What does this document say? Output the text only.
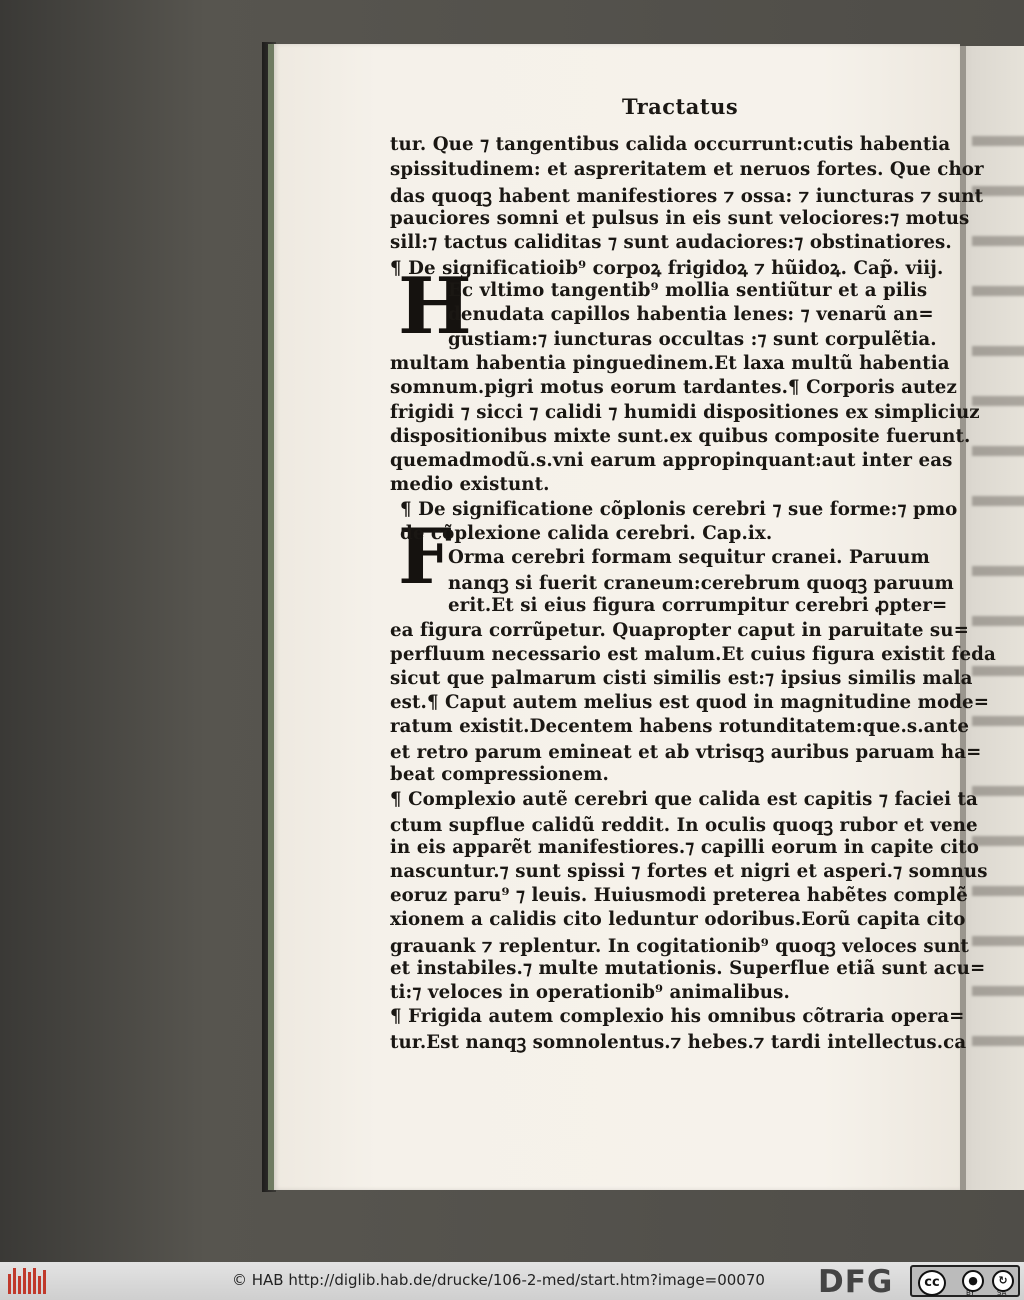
Tractatus
H
F
tur. Que ⁊ tangentibus calida occurrunt:cutis habentia
spissitudinem: et aspreritatem et neruos fortes. Que chor
das quoqꝫ habent manifestiores ⁊ ossa: ⁊ iuncturas ⁊ sunt
pauciores somni et pulsus in eis sunt velociores:⁊ motus
sill:⁊ tactus caliditas ⁊ sunt audaciores:⁊ obstinatiores.
¶ De significatioib⁹ corpoꝝ frigidoꝝ ⁊ hũidoꝝ. Cap̃. viij.
Ec vltimo tangentib⁹ mollia sentiũtur et a pilis
denudata capillos habentia lenes: ⁊ venarũ an=
gustiam:⁊ iuncturas occultas :⁊ sunt corpulẽtia.
multam habentia pinguedinem.Et laxa multũ habentia
somnum.pigri motus eorum tardantes.¶ Corporis autez
frigidi ⁊ sicci ⁊ calidi ⁊ humidi dispositiones ex simpliciuz
dispositionibus mixte sunt.ex quibus composite fuerunt.
quemadmodũ.s.vni earum appropinquant:aut inter eas
medio existunt.
¶ De significatione cõplonis cerebri ⁊ sue forme:⁊ pmo
de cõplexione calida cerebri. Cap.ix.
Orma cerebri formam sequitur cranei. Paruum
nanqꝫ si fuerit craneum:cerebrum quoqꝫ paruum
erit.Et si eius figura corrumpitur cerebri ꝓpter=
ea figura corrũpetur. Quapropter caput in paruitate su=
perfluum necessario est malum.Et cuius figura existit feda
sicut que palmarum cisti similis est:⁊ ipsius similis mala
est.¶ Caput autem melius est quod in magnitudine mode=
ratum existit.Decentem habens rotunditatem:que.s.ante
et retro parum emineat et ab vtrisqꝫ auribus paruam ha=
beat compressionem.
¶ Complexio autẽ cerebri que calida est capitis ⁊ faciei ta
ctum supflue calidũ reddit. In oculis quoqꝫ rubor et vene
in eis apparẽt manifestiores.⁊ capilli eorum in capite cito
nascuntur.⁊ sunt spissi ⁊ fortes et nigri et asperi.⁊ somnus
eoruz paru⁹ ⁊ leuis. Huiusmodi preterea habẽtes complẽ
xionem a calidis cito leduntur odoribus.Eorũ capita cito
grauank ⁊ replentur. In cogitationib⁹ quoqꝫ veloces sunt
et instabiles.⁊ multe mutationis. Superflue etiã sunt acu=
ti:⁊ veloces in operationib⁹ animalibus.
¶ Frigida autem complexio his omnibus cõtraria opera=
tur.Est nanqꝫ somnolentus.⁊ hebes.⁊ tardi intellectus.ca
© HAB http://diglib.hab.de/drucke/106-2-med/start.htm?image=00070 DFG	cc	●	↻
BY	SA
